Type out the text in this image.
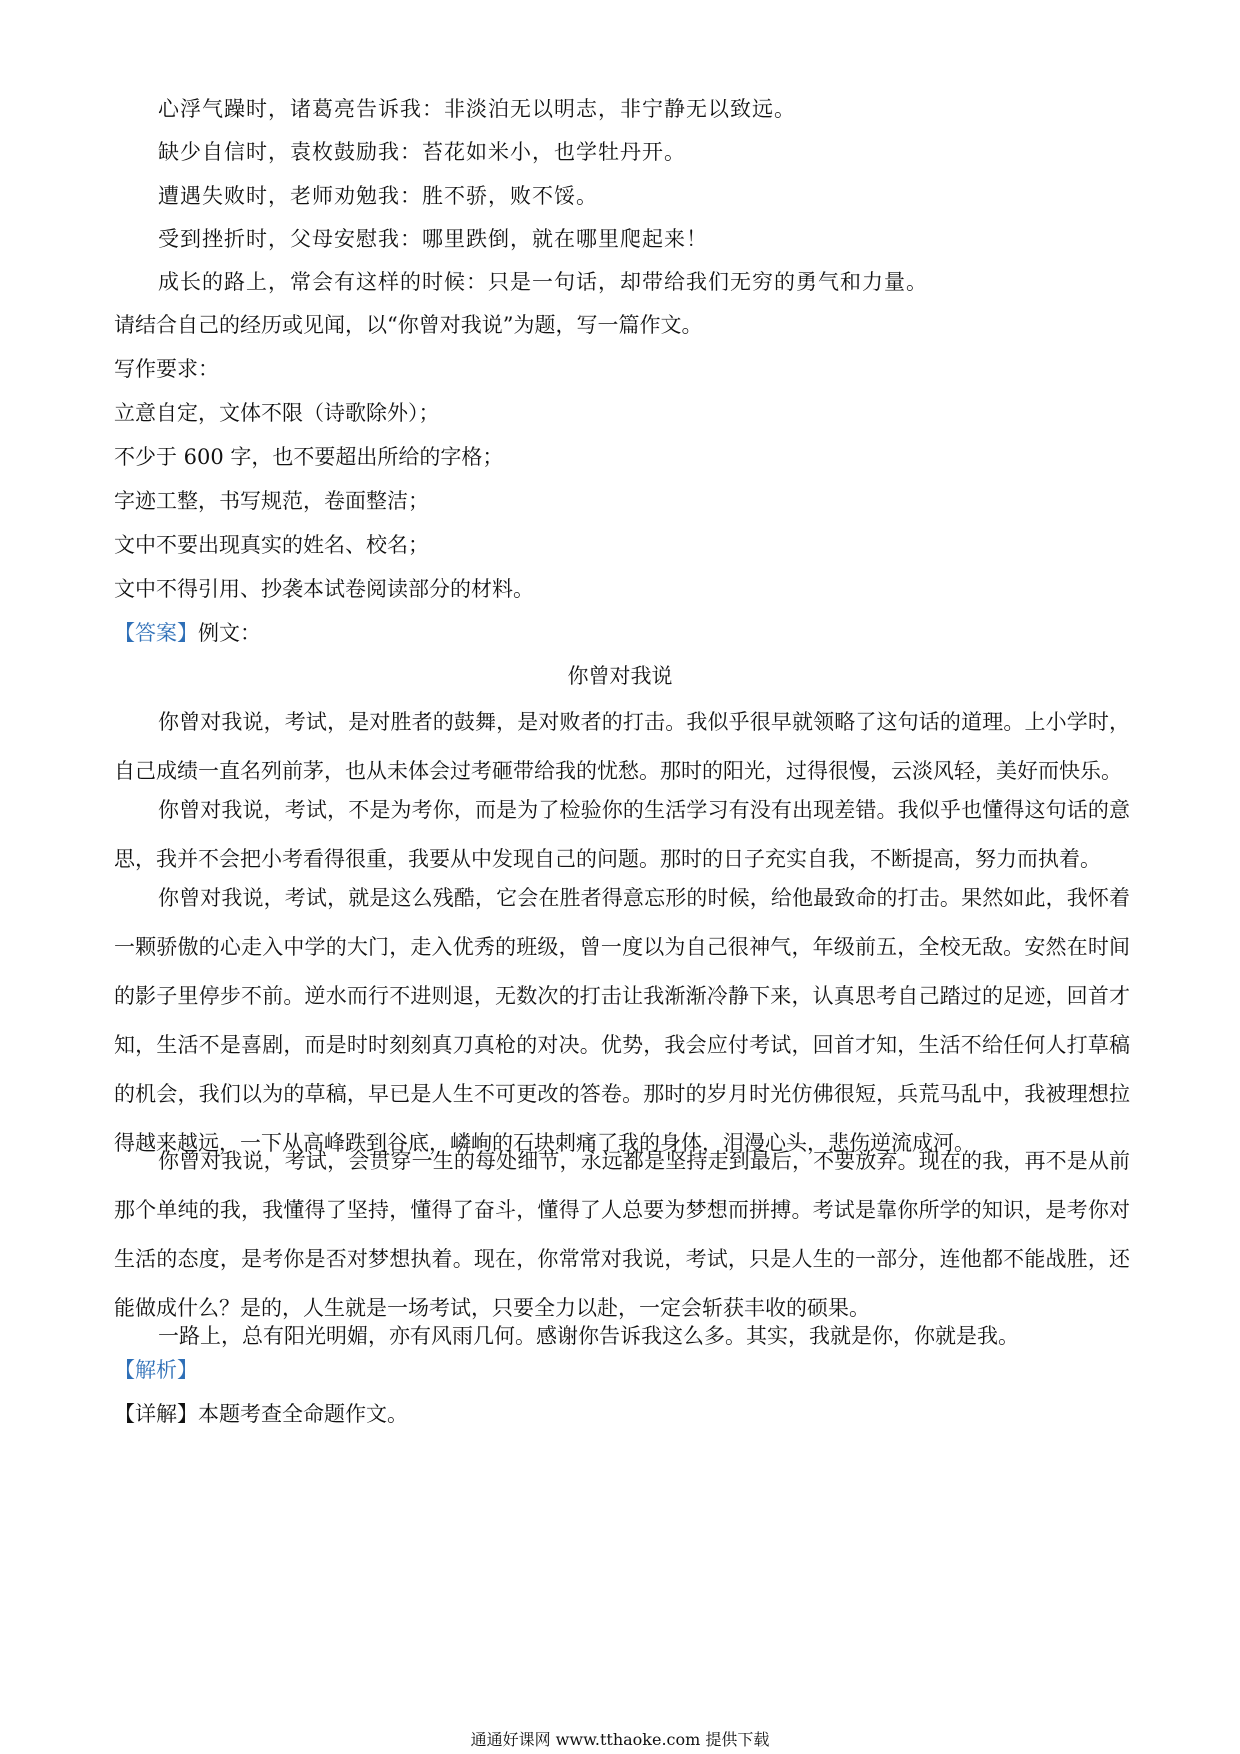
心浮气躁时，诸葛亮告诉我：非淡泊无以明志，非宁静无以致远。
缺少自信时，袁枚鼓励我：苔花如米小，也学牡丹开。
遭遇失败时，老师劝勉我：胜不骄，败不馁。
受到挫折时，父母安慰我：哪里跌倒，就在哪里爬起来！
成长的路上，常会有这样的时候：只是一句话，却带给我们无穷的勇气和力量。
请结合自己的经历或见闻，以“你曾对我说”为题，写一篇作文。
写作要求：
立意自定，文体不限（诗歌除外）；
不少于 600 字，也不要超出所给的字格；
字迹工整，书写规范，卷面整洁；
文中不要出现真实的姓名、校名；
文中不得引用、抄袭本试卷阅读部分的材料。
【答案】例文：
你曾对我说

你曾对我说，考试，是对胜者的鼓舞，是对败者的打击。我似乎很早就领略了这句话的道理。上小学时，自己成绩一直名列前茅，也从未体会过考砸带给我的忧愁。那时的阳光，过得很慢，云淡风轻，美好而快乐。

你曾对我说，考试，不是为考你，而是为了检验你的生活学习有没有出现差错。我似乎也懂得这句话的意思，我并不会把小考看得很重，我要从中发现自己的问题。那时的日子充实自我，不断提高，努力而执着。

你曾对我说，考试，就是这么残酷，它会在胜者得意忘形的时候，给他最致命的打击。果然如此，我怀着一颗骄傲的心走入中学的大门，走入优秀的班级，曾一度以为自己很神气，年级前五，全校无敌。安然在时间的影子里停步不前。逆水而行不进则退，无数次的打击让我渐渐冷静下来，认真思考自己踏过的足迹，回首才知，生活不是喜剧，而是时时刻刻真刀真枪的对决。优势，我会应付考试，回首才知，生活不给任何人打草稿的机会，我们以为的草稿，早已是人生不可更改的答卷。那时的岁月时光仿佛很短，兵荒马乱中，我被理想拉得越来越远，一下从高峰跌到谷底，嶙峋的石块刺痛了我的身体，泪漫心头，悲伤逆流成河。

你曾对我说，考试，会贯穿一生的每处细节，永远都是坚持走到最后，不要放弃。现在的我，再不是从前那个单纯的我，我懂得了坚持，懂得了奋斗，懂得了人总要为梦想而拼搏。考试是靠你所学的知识，是考你对生活的态度，是考你是否对梦想执着。现在，你常常对我说，考试，只是人生的一部分，连他都不能战胜，还能做成什么？是的，人生就是一场考试，只要全力以赴，一定会斩获丰收的硕果。

一路上，总有阳光明媚，亦有风雨几何。感谢你告诉我这么多。其实，我就是你，你就是我。

【解析】
【详解】本题考查全命题作文。
通通好课网 www.tthaoke.com 提供下载
